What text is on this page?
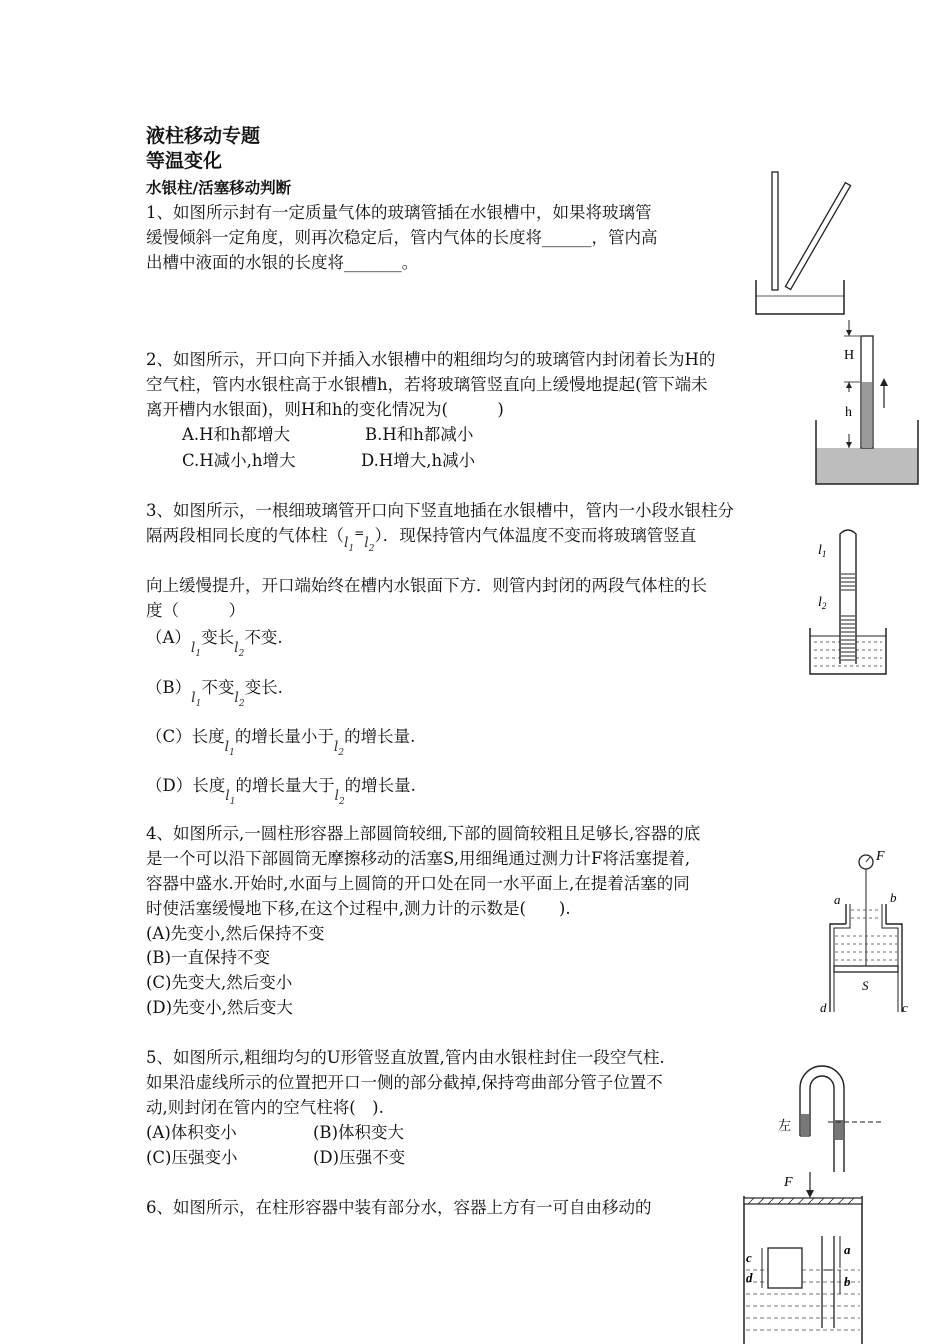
液柱移动专题
等温变化
水银柱/活塞移动判断
1、如图所示封有一定质量气体的玻璃管插在水银槽中，如果将玻璃管
缓慢倾斜一定角度，则再次稳定后，管内气体的长度将______，管内高
出槽中液面的水银的长度将_______。
2、如图所示，开口向下并插入水银槽中的粗细均匀的玻璃管内封闭着长为H的
空气柱，管内水银柱高于水银槽h，若将玻璃管竖直向上缓慢地提起(管下端未
离开槽内水银面)，则H和h的变化情况为(　　　)
A.H和h都增大	B.H和h都减小
C.H减小,h增大	D.H增大,h减小
H
h
3、如图所示，一根细玻璃管开口向下竖直地插在水银槽中，管内一小段水银柱分
隔两段相同长度的气体柱$(_{l_1}^=_{l_2})$．现保持管内气体温度不变而将玻璃管竖直
向上缓慢提升，开口端始终在槽内水银面下方．则管内封闭的两段气体柱的长
度（　　　）
$(A)_{l_1}$变长$_{l_2}$不变.
$(B)_{l_1}$不变$_{l_2}$变长.
（C）长度$_{l_1}$的增长量小于$_{l_2}$的增长量.
（D）长度$_{l_1}$的增长量大于$_{l_2}$的增长量.
$l_1$
$l_2$
4、如图所示,一圆柱形容器上部圆筒较细,下部的圆筒较粗且足够长,容器的底
是一个可以沿下部圆筒无摩擦移动的活塞S,用细绳通过测力计F将活塞提着,
容器中盛水.开始时,水面与上圆筒的开口处在同一水平面上,在提着活塞的同
时使活塞缓慢地下移,在这个过程中,测力计的示数是(　　).
(A)先变小,然后保持不变
(B)一直保持不变
(C)先变大,然后变小
(D)先变小,然后变大
F
a	b
S
d	c
5、如图所示,粗细均匀的U形管竖直放置,管内由水银柱封住一段空气柱.
如果沿虚线所示的位置把开口一侧的部分截掉,保持弯曲部分管子位置不
动,则封闭在管内的空气柱将(　).
(A)体积变小	(B)体积变大
(C)压强变小	(D)压强不变
左
6、如图所示，在柱形容器中装有部分水，容器上方有一可自由移动的
F
c
d
a
b
